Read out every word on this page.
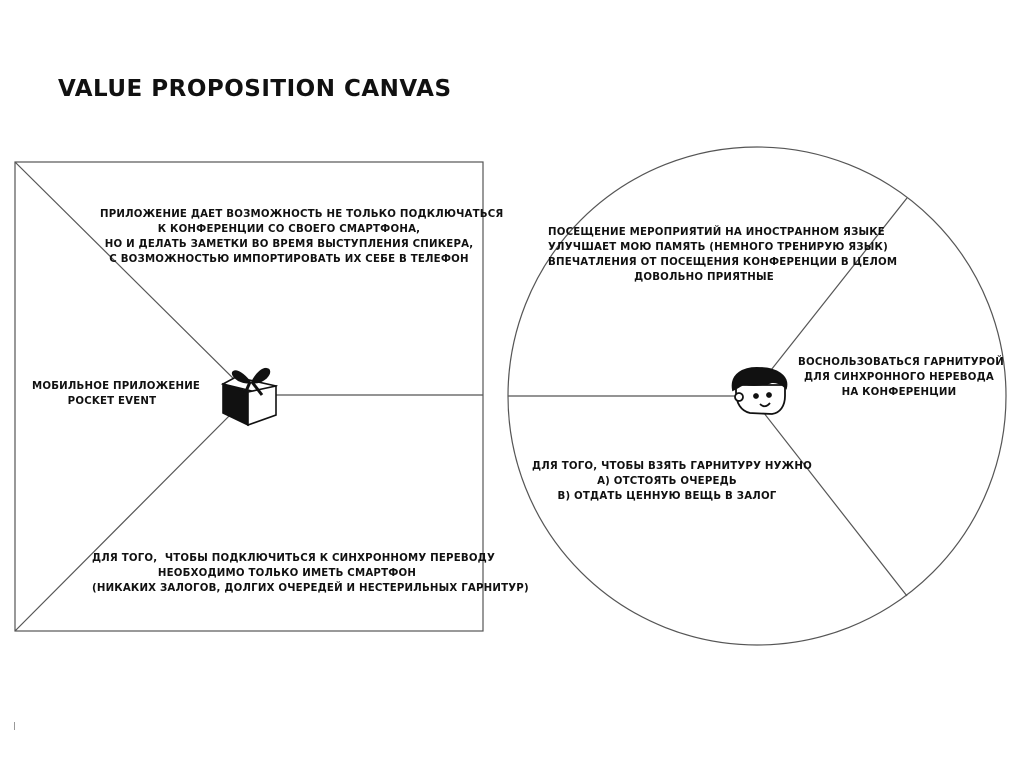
VALUE PROPOSITION CANVAS
ПРИЛОЖЕНИЕ ДАЕТ ВОЗМОЖНОСТЬ НЕ ТОЛЬКО ПОДКЛЮЧАТЬСЯ
К КОНФЕРЕНЦИИ СО СВОЕГО СМАРТФОНА,
НО И ДЕЛАТЬ ЗАМЕТКИ ВО ВРЕМЯ ВЫСТУПЛЕНИЯ СПИКЕРА,
С ВОЗМОЖНОСТЬЮ ИМПОРТИРОВАТЬ ИХ СЕБЕ В ТЕЛЕФОН
МОБИЛЬНОЕ ПРИЛОЖЕНИЕ
POCKET EVENT
ДЛЯ ТОГО,  ЧТОБЫ ПОДКЛЮЧИТЬСЯ К СИНХРОННОМУ ПЕРЕВОДУ
НЕОБХОДИМО ТОЛЬКО ИМЕТЬ СМАРТФОН
(НИКАКИХ ЗАЛОГОВ, ДОЛГИХ ОЧЕРЕДЕЙ И НЕСТЕРИЛЬНЫХ ГАРНИТУР)
ПОСЕЩЕНИЕ МЕРОПРИЯТИЙ НА ИНОСТРАННОМ ЯЗЫКЕ
УЛУЧШАЕТ МОЮ ПАМЯТЬ (НЕМНОГО ТРЕНИРУЮ ЯЗЫК)
ВПЕЧАТЛЕНИЯ ОТ ПОСЕЩЕНИЯ КОНФЕРЕНЦИИ В ЦЕЛОМ
ДОВОЛЬНО ПРИЯТНЫЕ
ВОСНОЛЬЗОВАТЬСЯ ГАРНИТУРОЙ
ДЛЯ СИНХРОННОГО НЕРЕВОДА
НА КОНФЕРЕНЦИИ
ДЛЯ ТОГО, ЧТОБЫ ВЗЯТЬ ГАРНИТУРУ НУЖНО
А) ОТСТОЯТЬ ОЧЕРЕДЬ
В) ОТДАТЬ ЦЕННУЮ ВЕЩЬ В ЗАЛОГ
